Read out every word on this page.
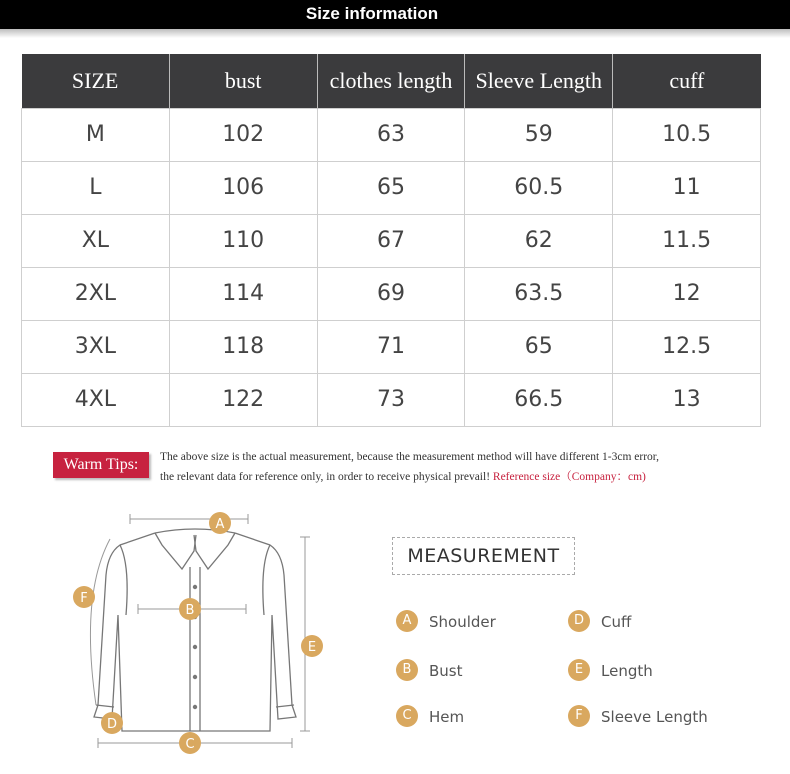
Size information
SIZE	bust	clothes length	Sleeve Length	cuff
M	102	63	59	10.5
L	106	65	60.5	11
XL	110	67	62	11.5
2XL	114	69	63.5	12
3XL	118	71	65	12.5
4XL	122	73	66.5	13
Warm Tips:	The above size is the actual measurement, because the measurement method will have different 1-3cm error,
the relevant data for reference only, in order to receive physical prevail! Reference size（Company：cm)
A
B
C
D
E
F
MEASUREMENT
A	Shoulder
B	Bust
C	Hem
D	Cuff
E	Length
F	Sleeve Length
